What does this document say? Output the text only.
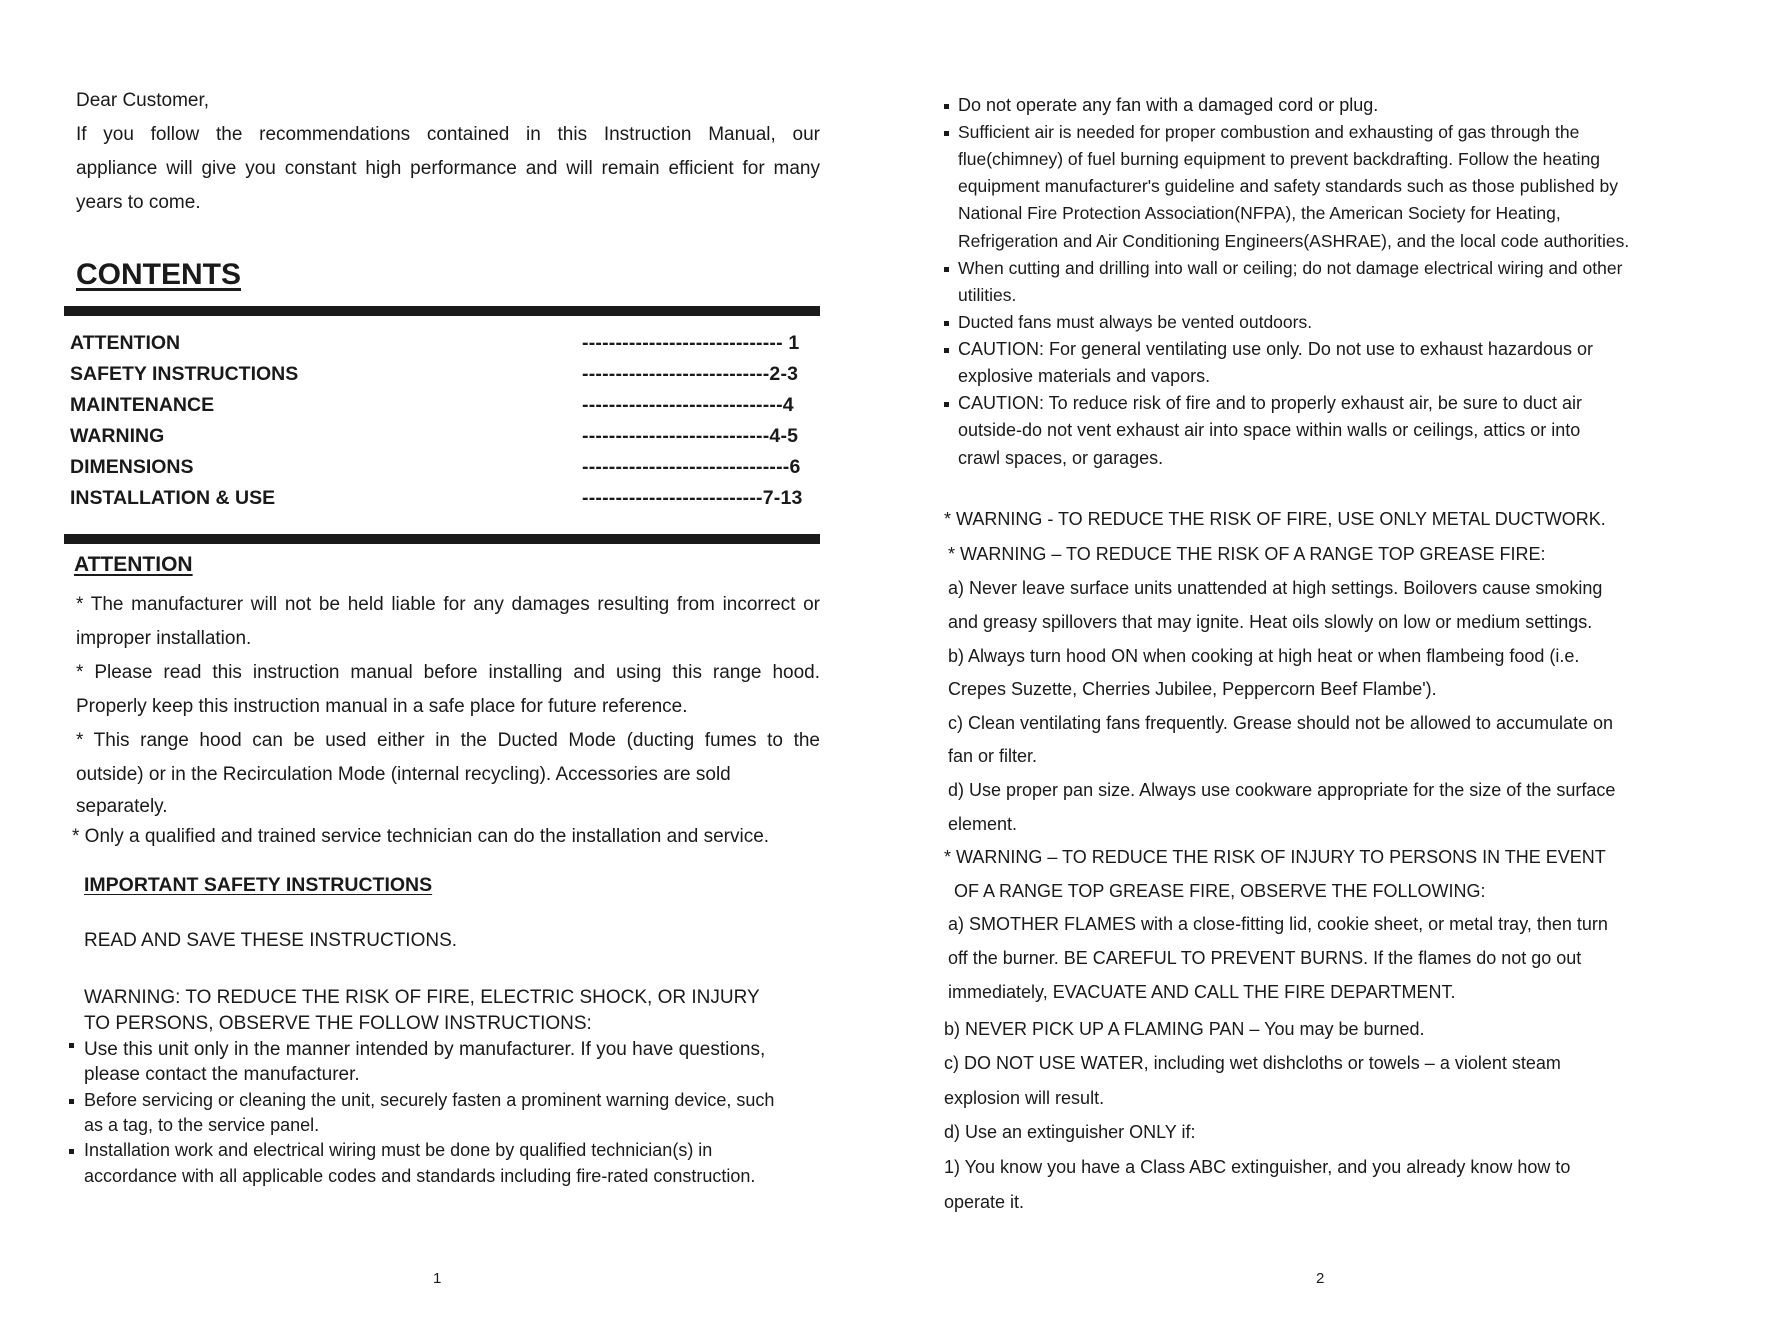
Dear Customer,
If you follow the recommendations contained in this Instruction Manual, our
appliance will give you constant high performance and will remain efficient for many
years to come.
CONTENTS
ATTENTION	------------------------------ 1
SAFETY INSTRUCTIONS	----------------------------2-3
MAINTENANCE	------------------------------4
WARNING	----------------------------4-5
DIMENSIONS	-------------------------------6
INSTALLATION & USE	---------------------------7-13
ATTENTION
* The manufacturer will not be held liable for any damages resulting from incorrect or
improper installation.
* Please read this instruction manual before installing and using this range hood.
Properly keep this instruction manual in a safe place for future reference.
* This range hood can be used either in the Ducted Mode (ducting fumes to the
outside) or in the Recirculation Mode (internal recycling). Accessories are sold
separately.
* Only a qualified and trained service technician can do the installation and service.
IMPORTANT SAFETY INSTRUCTIONS
READ AND SAVE THESE INSTRUCTIONS.
WARNING: TO REDUCE THE RISK OF FIRE, ELECTRIC SHOCK, OR INJURY
TO PERSONS, OBSERVE THE FOLLOW INSTRUCTIONS:
Use this unit only in the manner intended by manufacturer. If you have questions,
please contact the manufacturer.
Before servicing or cleaning the unit, securely fasten a prominent warning device, such
as a tag, to the service panel.
Installation work and electrical wiring must be done by qualified technician(s) in
accordance with all applicable codes and standards including fire-rated construction.
1
Do not operate any fan with a damaged cord or plug.
Sufficient air is needed for proper combustion and exhausting of gas through the
flue(chimney) of fuel burning equipment to prevent backdrafting. Follow the heating
equipment manufacturer's guideline and safety standards such as those published by
National Fire Protection Association(NFPA), the American Society for Heating,
Refrigeration and Air Conditioning Engineers(ASHRAE), and the local code authorities.
When cutting and drilling into wall or ceiling; do not damage electrical wiring and other
utilities.
Ducted fans must always be vented outdoors.
CAUTION: For general ventilating use only. Do not use to exhaust hazardous or
explosive materials and vapors.
CAUTION: To reduce risk of fire and to properly exhaust air, be sure to duct air
outside-do not vent exhaust air into space within walls or ceilings, attics or into
crawl spaces, or garages.
* WARNING - TO REDUCE THE RISK OF FIRE, USE ONLY METAL DUCTWORK.
* WARNING – TO REDUCE THE RISK OF A RANGE TOP GREASE FIRE:
a) Never leave surface units unattended at high settings. Boilovers cause smoking
and greasy spillovers that may ignite. Heat oils slowly on low or medium settings.
b) Always turn hood ON when cooking at high heat or when flambeing food (i.e.
Crepes Suzette, Cherries Jubilee, Peppercorn Beef Flambe').
c) Clean ventilating fans frequently. Grease should not be allowed to accumulate on
fan or filter.
d) Use proper pan size. Always use cookware appropriate for the size of the surface
element.
* WARNING – TO REDUCE THE RISK OF INJURY TO PERSONS IN THE EVENT
OF A RANGE TOP GREASE FIRE, OBSERVE THE FOLLOWING:
a) SMOTHER FLAMES with a close-fitting lid, cookie sheet, or metal tray, then turn
off the burner. BE CAREFUL TO PREVENT BURNS. If the flames do not go out
immediately, EVACUATE AND CALL THE FIRE DEPARTMENT.
b) NEVER PICK UP A FLAMING PAN – You may be burned.
c) DO NOT USE WATER, including wet dishcloths or towels – a violent steam
explosion will result.
d) Use an extinguisher ONLY if:
1) You know you have a Class ABC extinguisher, and you already know how to
operate it.
2
